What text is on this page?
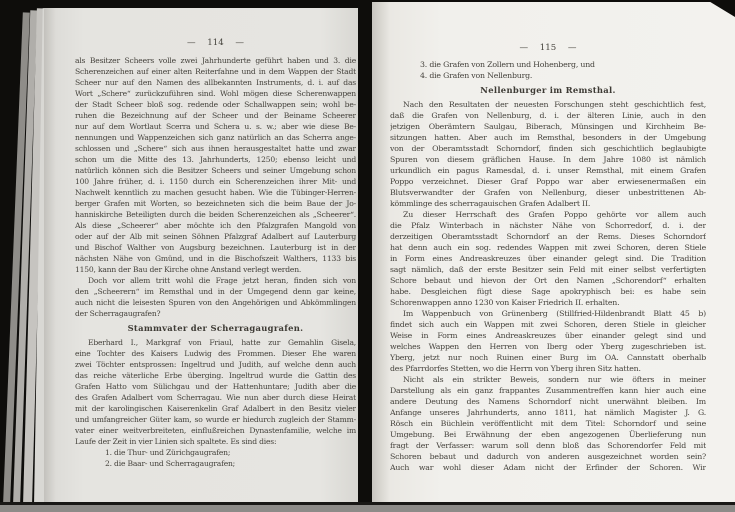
— 114 —
als Besitzer Scheers volle zwei Jahrhunderte geführt haben und 3. die
Scherenzeichen auf einer alten Reiterfahne und in dem Wappen der Stadt
Scheer nur auf den Namen des allbekannten Instruments, d. i. auf das
Wort „Schere“ zurückzuführen sind. Wohl mögen diese Scherenwappen
der Stadt Scheer bloß sog. redende oder Schallwappen sein; wohl be-
ruhen die Bezeichnung auf der Scheer und der Beiname Scheerer
nur auf dem Wortlaut Scerra und Schera u. s. w.; aber wie diese Be-
nennungen und Wappenzeichen sich ganz natürlich an das Scherra ange-
schlossen und „Schere“ sich aus ihnen herausgestaltet hatte und zwar
schon um die Mitte des 13. Jahrhunderts, 1250; ebenso leicht und
natürlich können sich die Besitzer Scheers und seiner Umgebung schon
100 Jahre früher, d. i. 1150 durch ein Scherenzeichen ihrer Mit- und
Nachwelt kenntlich zu machen gesucht haben. Wie die Tübinger-Herren-
berger Grafen mit Worten, so bezeichneten sich die beim Baue der Jo-
hanniskirche Beteiligten durch die beiden Scherenzeichen als „Scheerer“.
Als diese „Scheerer“ aber möchte ich den Pfalzgrafen Mangold von
oder auf der Alb mit seinen Söhnen Pfalzgraf Adalbert auf Lauterburg
und Bischof Walther von Augsburg bezeichnen. Lauterburg ist in der
nächsten Nähe von Gmünd, und in die Bischofszeit Walthers, 1133 bis
1150, kann der Bau der Kirche ohne Anstand verlegt werden.
Doch vor allem tritt wohl die Frage jetzt heran, finden sich von
den „Scheerern“ im Remsthal und in der Umgegend denn gar keine,
auch nicht die leisesten Spuren von den Angehörigen und Abkömmlingen
der Scherragaugrafen?
Stammvater der Scherragaugrafen.
Eberhard I., Markgraf von Friaul, hatte zur Gemahlin Gisela,
eine Tochter des Kaisers Ludwig des Frommen. Dieser Ehe waren
zwei Töchter entsprossen: Ingeltrud und Judith, auf welche denn auch
das reiche väterliche Erbe überging. Ingeltrud wurde die Gattin des
Grafen Hatto vom Sülichgau und der Hattenhuntare; Judith aber die
des Grafen Adalbert vom Scherragau. Wie nun aber durch diese Heirat
mit der karolingischen Kaiserenkelin Graf Adalbert in den Besitz vieler
und umfangreicher Güter kam, so wurde er hiedurch zugleich der Stamm-
vater einer weitverbreiteten, einflußreichen Dynastenfamilie, welche im
Laufe der Zeit in vier Linien sich spaltete. Es sind dies:
1. die Thur- und Zürichgaugrafen;
2. die Baar- und Scherragaugrafen;
— 115 —
3. die Grafen von Zollern und Hohenberg, und
4. die Grafen von Nellenburg.
Nellenburger im Remsthal.
Nach den Resultaten der neuesten Forschungen steht geschichtlich fest,
daß die Grafen von Nellenburg, d. i. der älteren Linie, auch in den
jetzigen Oberämtern Saulgau, Biberach, Münsingen und Kirchheim Be-
sitzungen hatten. Aber auch im Remsthal, besonders in der Umgebung
von der Oberamtsstadt Schorndorf, finden sich geschichtlich beglaubigte
Spuren von diesem gräflichen Hause. In dem Jahre 1080 ist nämlich
urkundlich ein pagus Ramesdal, d. i. unser Remsthal, mit einem Grafen
Poppo verzeichnet. Dieser Graf Poppo war aber erwiesenermaßen ein
Blutsverwandter der Grafen von Nellenburg, dieser unbestrittenen Ab-
kömmlinge des scherragauischen Grafen Adalbert II.
Zu dieser Herrschaft des Grafen Poppo gehörte vor allem auch
die Pfalz Winterbach in nächster Nähe von Schorredorf, d. i. der
derzeitigen Oberamtsstadt Schorndorf an der Rems. Dieses Schorndorf
hat denn auch ein sog. redendes Wappen mit zwei Schoren, deren Stiele
in Form eines Andreaskreuzes über einander gelegt sind. Die Tradition
sagt nämlich, daß der erste Besitzer sein Feld mit einer selbst verfertigten
Schore bebaut und hievon der Ort den Namen „Schorendorf“ erhalten
habe. Desgleichen fügt diese Sage apokryphisch bei: es habe sein
Schorenwappen anno 1230 von Kaiser Friedrich II. erhalten.
Im Wappenbuch von Grünenberg (Stillfried-Hildenbrandt Blatt 45 b)
findet sich auch ein Wappen mit zwei Schoren, deren Stiele in gleicher
Weise in Form eines Andreaskreuzes über einander gelegt sind und
welches Wappen den Herren von Iberg oder Yberg zugeschrieben ist.
Yberg, jetzt nur noch Ruinen einer Burg im OA. Cannstatt oberhalb
des Pfarrdorfes Stetten, wo die Herrn von Yberg ihren Sitz hatten.
Nicht als ein strikter Beweis, sondern nur wie öfters in meiner
Darstellung als ein ganz frappantes Zusammentreffen kann hier auch eine
andere Deutung des Namens Schorndorf nicht unerwähnt bleiben. Im
Anfange unseres Jahrhunderts, anno 1811, hat nämlich Magister J. G.
Rösch ein Büchlein veröffentlicht mit dem Titel: Schorndorf und seine
Umgebung. Bei Erwähnung der eben angezogenen Überlieferung nun
fragt der Verfasser: warum soll denn bloß das Schorendorfer Feld mit
Schoren bebaut und dadurch von anderen ausgezeichnet worden sein?
Auch war wohl dieser Adam nicht der Erfinder der Schoren. Wir
